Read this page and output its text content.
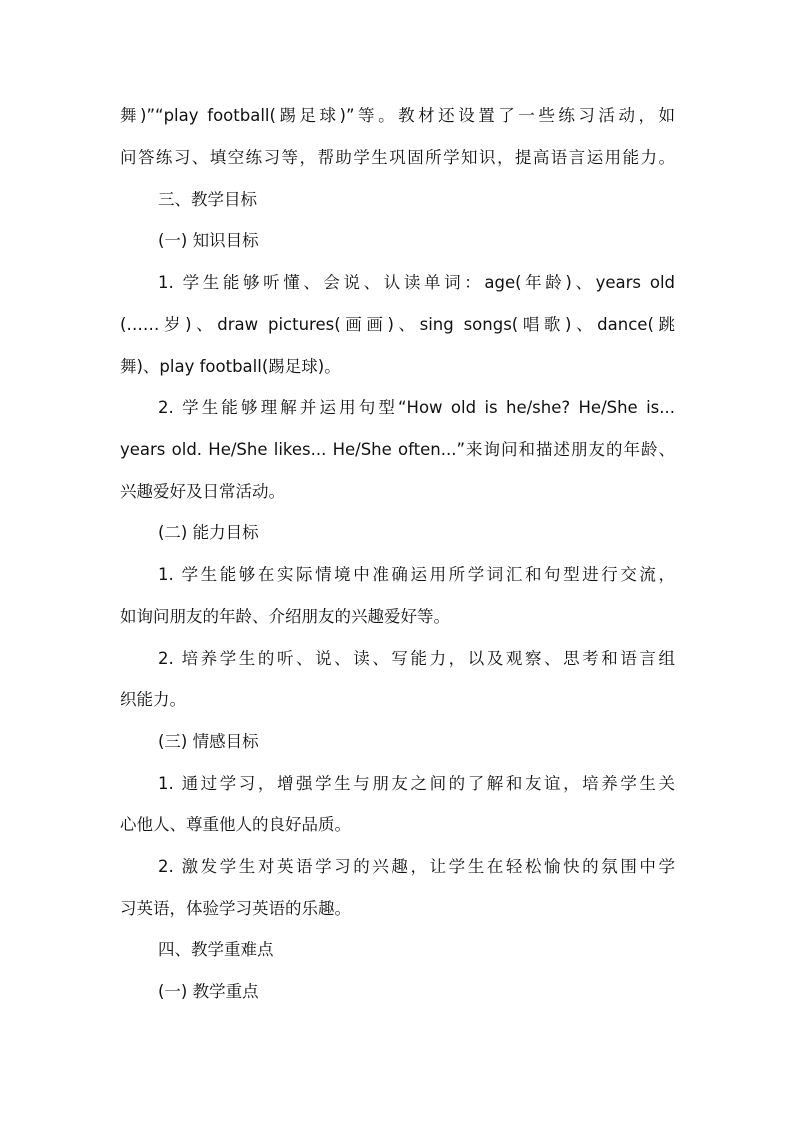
舞)”“play football(踢足球)”等。教材还设置了一些练习活动，如
问答练习、填空练习等，帮助学生巩固所学知识，提高语言运用能力。
三、教学目标
(一) 知识目标
1. 学生能够听懂、会说、认读单词：age(年龄)、years old
(……岁)、draw pictures(画画)、sing songs(唱歌)、dance(跳
舞)、play football(踢足球)。
2. 学生能够理解并运用句型“How old is he/she? He/She is...
years old. He/She likes... He/She often...”来询问和描述朋友的年龄、
兴趣爱好及日常活动。
(二) 能力目标
1. 学生能够在实际情境中准确运用所学词汇和句型进行交流，
如询问朋友的年龄、介绍朋友的兴趣爱好等。
2. 培养学生的听、说、读、写能力，以及观察、思考和语言组
织能力。
(三) 情感目标
1. 通过学习，增强学生与朋友之间的了解和友谊，培养学生关
心他人、尊重他人的良好品质。
2. 激发学生对英语学习的兴趣，让学生在轻松愉快的氛围中学
习英语，体验学习英语的乐趣。
四、教学重难点
(一) 教学重点
